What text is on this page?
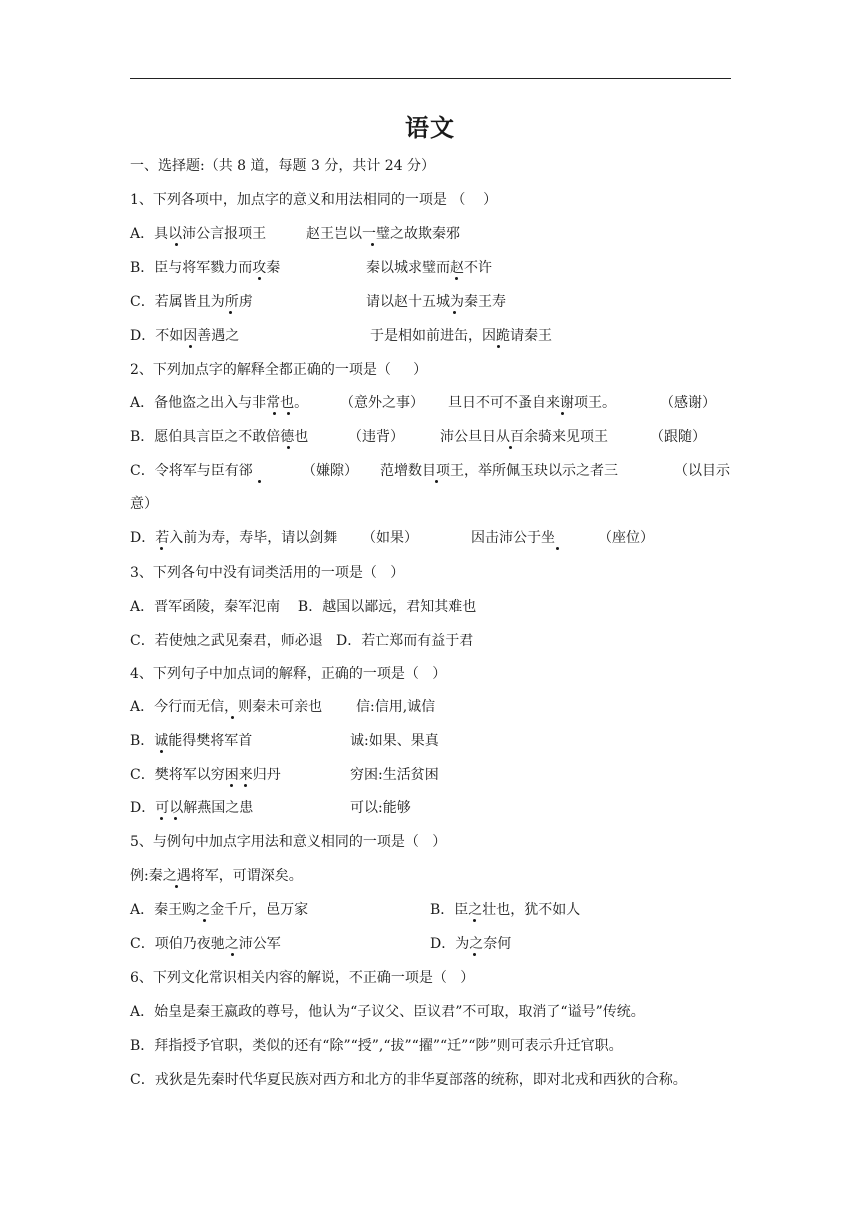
语文
一、选择题:（共 8 道，每题 3 分，共计 24 分）
1、下列各项中，加点字的意义和用法相同的一项是 （    ）
A．具以沛公言报项王	赵王岂以一璧之故欺秦邪
B．臣与将军戮力而攻秦	秦以城求璧而赵不许
C．若属皆且为所虏	请以赵十五城为秦王寿
D．不如因善遇之	于是相如前进缶，因跪请秦王
2、下列加点字的解释全都正确的一项是（     ）
A．备他盗之出入与非常也。 （意外之事） 旦日不可不蚤自来谢项王。	（感谢）
B．愿伯具言臣之不敢倍德也	（违背）	沛公旦日从百余骑来见项王	（跟随）
C．令将军与臣有郤	（嫌隙） 范增数目项王，举所佩玉玦以示之者三	（以目示
意）
D．若入前为寿，寿毕，请以剑舞 （如果）	因击沛公于坐	（座位）
3、下列各句中没有词类活用的一项是（   ）
A．晋军函陵，秦军氾南    B．越国以鄙远，君知其难也
C．若使烛之武见秦君，师必退   D．若亡郑而有益于君
4、下列句子中加点词的解释，正确的一项是（   ）
A．今行而无信，则秦未可亲也 信:信用,诚信
B．诚能得樊将军首	诚:如果、果真
C．樊将军以穷困来归丹	穷困:生活贫困
D．可以解燕国之患	可以:能够
5、与例句中加点字用法和意义相同的一项是（   ）
例:秦之遇将军，可谓深矣。
A．秦王购之金千斤，邑万家	B．臣之壮也，犹不如人
C．项伯乃夜驰之沛公军	D．为之奈何
6、下列文化常识相关内容的解说，不正确一项是（   ）
A．始皇是秦王嬴政的尊号，他认为“子议父、臣议君”不可取，取消了“谥号”传统。
B．拜指授予官职，类似的还有“除”“授”,“拔”“擢”“迁”“陟”则可表示升迁官职。
C．戎狄是先秦时代华夏民族对西方和北方的非华夏部落的统称，即对北戎和西狄的合称。
